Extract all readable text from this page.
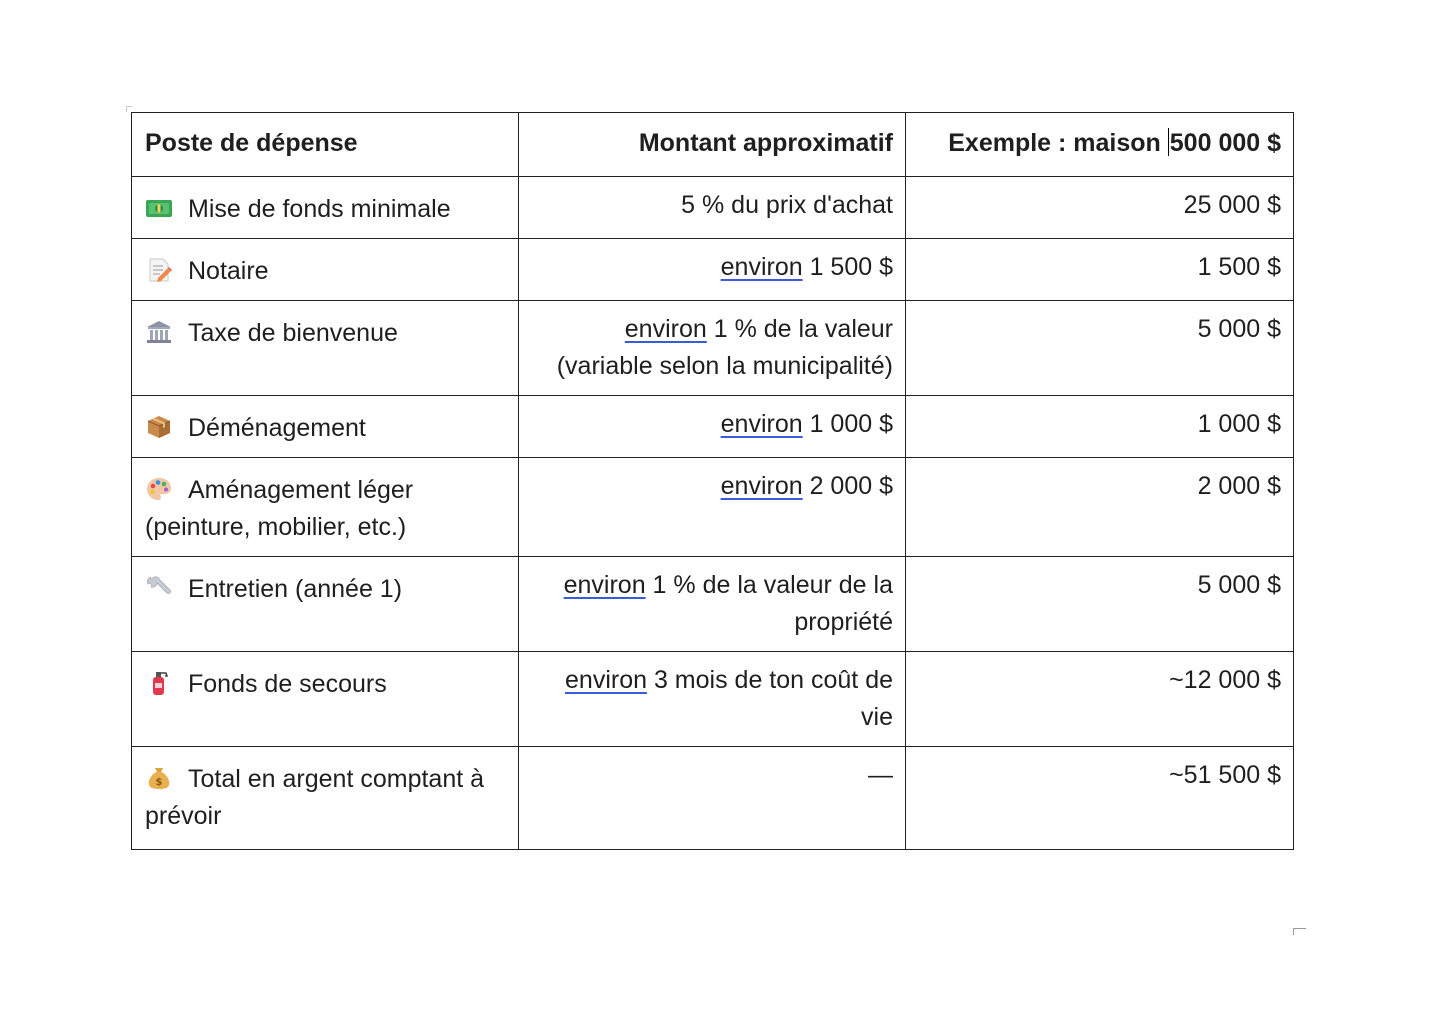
Poste de dépense	Montant approximatif	Exemple : maison 500 000 $

Mise de fonds minimale	5 % du prix d'achat	25 000 $

Notaire	environ 1 500 $	1 500 $

Taxe de bienvenue	environ 1 % de la valeur (variable selon la municipalité)	5 000 $

Déménagement	environ 1 000 $	1 000 $

Aménagement léger (peinture, mobilier, etc.)	environ 2 000 $	2 000 $

Entretien (année 1)	environ 1 % de la valeur de la propriété	5 000 $

Fonds de secours	environ 3 mois de ton coût de vie	~12 000 $

$ Total en argent comptant à prévoir	—	~51 500 $
